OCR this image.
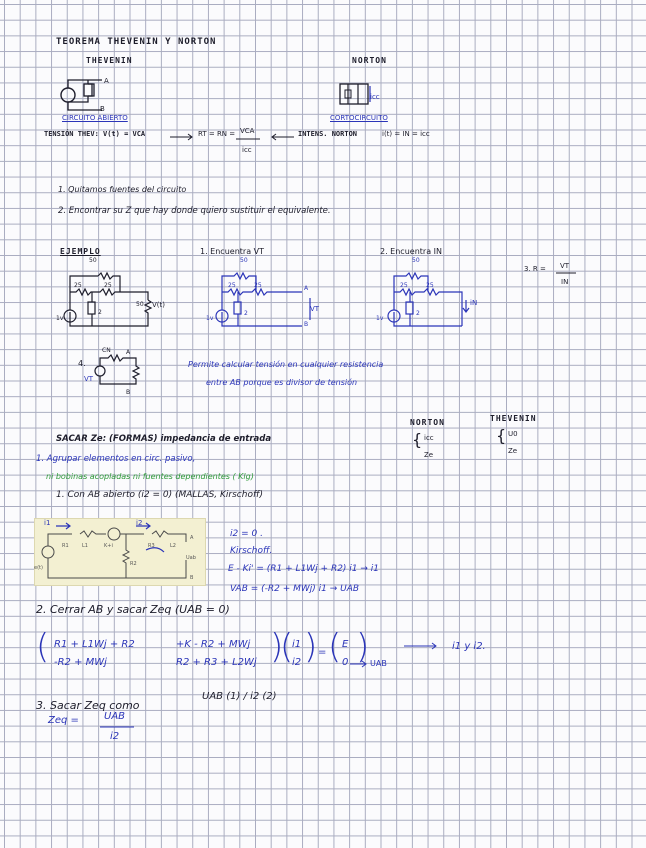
TEOREMA THEVENIN Y NORTON
THEVENIN	NORTON
A
B
CIRCUITO ABIERTO
icc
CORTOCIRCUITO
TENSIÓN THEV: V(t) = VCA	RT = RN = VCA
icc
INTENS. NORTON	i(t) = IN = icc
1. Quitamos fuentes del circuito
2. Encontrar su Z que hay donde quiero sustituir el equivalente.
EJEMPLO	1. Encuentra VT	2. Encuentra IN
3. R = VT
IN
50
25	25
2
50
1v
V(t)
50
25	25
2
1v
A
B
VT
50
25	25
2
1v
iN
4.
CN
VT
A
B
Permite calcular tensión en cualquier resistencia
entre AB porque es divisor de tensión
NORTON	THEVENIN
{ icc
Ze
{ U0
Ze
SACAR Ze: (FORMAS) impedancia de entrada
1. Agrupar elementos en circ. pasivo,
ni bobinas acopladas ni fuentes dependientes ( Klg)
1. Con AB abierto (i2 = 0) (MALLAS, Kirschoff)
i1	i2
R1	L1	R3	L2
R2
K+i
A
B
e(t)
Uab
i2 = 0 .
Kirschoff.
E - Ki' = (R1 + L1Wj + R2) i1 → i1
VAB = (-R2 + MWj) i1 → UAB
2. Cerrar AB y sacar Zeq (UAB = 0)
( R1 + L1Wj + R2	+K - R2 + MWj
-R2 + MWj	R2 + R3 + L2Wj )
(
i1
i2 ) = ( E
0 ) UAB
i1 y i2.
3. Sacar Zeq como
UAB (1) / i2 (2)
Zeq =	UAB
i2
